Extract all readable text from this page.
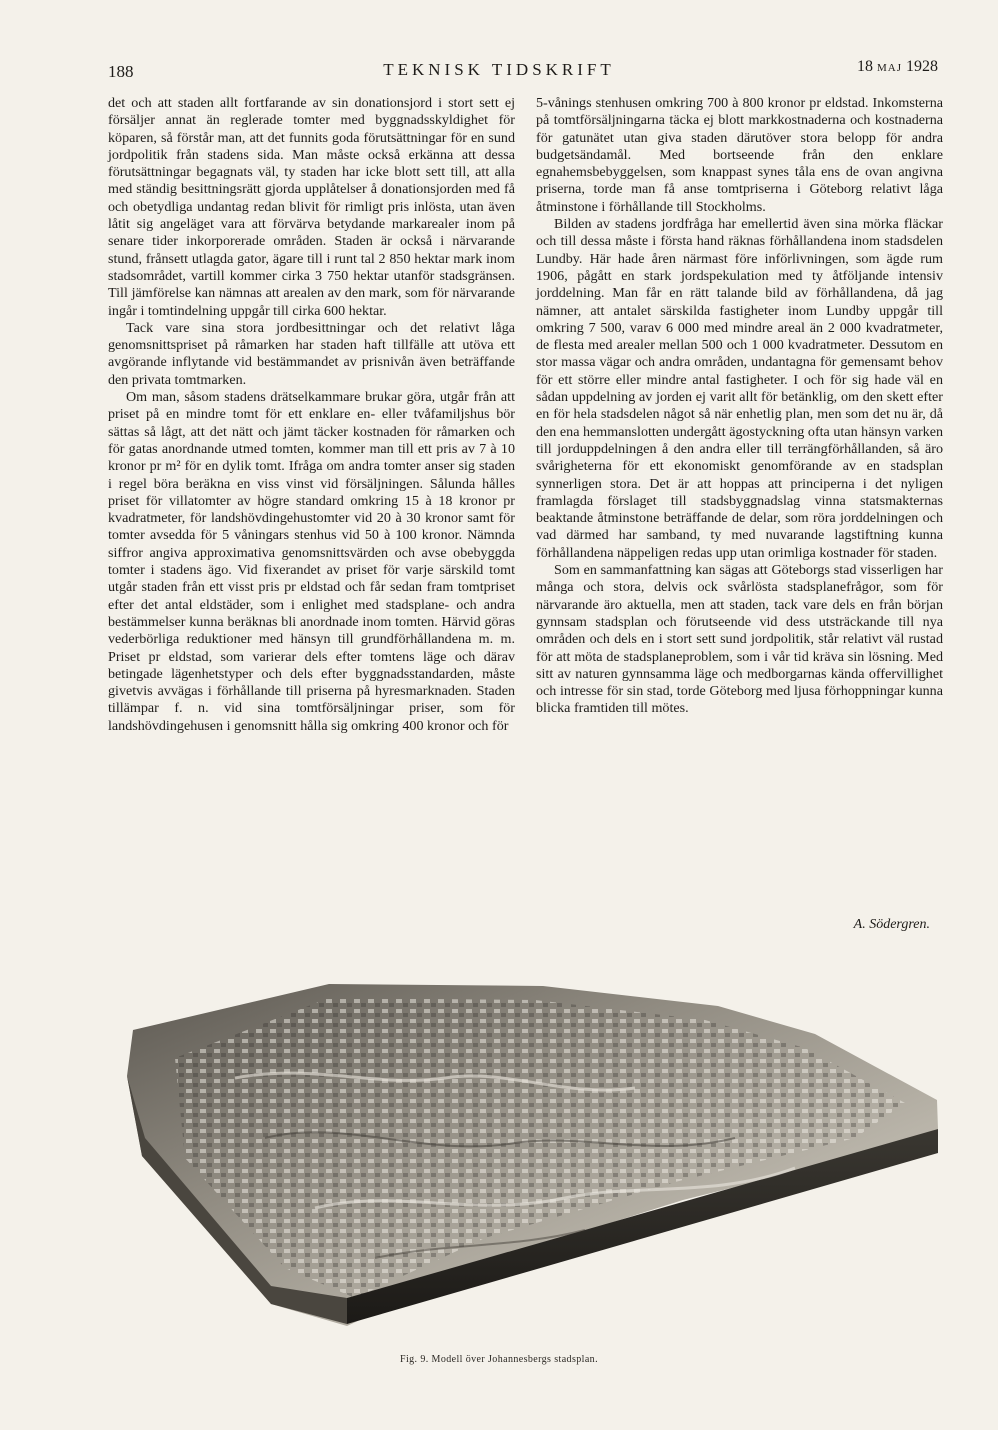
188	TEKNISK TIDSKRIFT	18 MAJ 1928

det och att staden allt fortfarande av sin donationsjord i stort sett ej försäljer annat än reglerade tomter med byggnadsskyldighet för köparen, så förstår man, att det funnits goda förutsättningar för en sund jordpolitik från stadens sida. Man måste också erkänna att dessa förutsättningar begagnats väl, ty staden har icke blott sett till, att alla med ständig besittningsrätt gjorda upplåtelser å donationsjorden med få och obetydliga undantag redan blivit för rimligt pris inlösta, utan även låtit sig angeläget vara att förvärva betydande markarealer inom på senare tider inkorporerade områden. Staden är också i närvarande stund, frånsett utlagda gator, ägare till i runt tal 2 850 hektar mark inom stadsområdet, vartill kommer cirka 3 750 hektar utanför stadsgränsen. Till jämförelse kan nämnas att arealen av den mark, som för närvarande ingår i tomtindelning uppgår till cirka 600 hektar.

Tack vare sina stora jordbesittningar och det relativt låga genomsnittspriset på råmarken har staden haft tillfälle att utöva ett avgörande inflytande vid bestämmandet av prisnivån även beträffande den privata tomtmarken.

Om man, såsom stadens drätselkammare brukar göra, utgår från att priset på en mindre tomt för ett enklare en- eller tvåfamiljshus bör sättas så lågt, att det nätt och jämt täcker kostnaden för råmarken och för gatas anordnande utmed tomten, kommer man till ett pris av 7 à 10 kronor pr m² för en dylik tomt. Ifråga om andra tomter anser sig staden i regel böra beräkna en viss vinst vid försäljningen. Sålunda hålles priset för villatomter av högre standard omkring 15 à 18 kronor pr kvadratmeter, för landshövdingehustomter vid 20 à 30 kronor samt för tomter avsedda för 5 våningars stenhus vid 50 à 100 kronor. Nämnda siffror angiva approximativa genomsnittsvärden och avse obebyggda tomter i stadens ägo. Vid fixerandet av priset för varje särskild tomt utgår staden från ett visst pris pr eldstad och får sedan fram tomtpriset efter det antal eldstäder, som i enlighet med stadsplane- och andra bestämmelser kunna beräknas bli anordnade inom tomten. Härvid göras vederbörliga reduktioner med hänsyn till grundförhållandena m. m. Priset pr eldstad, som varierar dels efter tomtens läge och därav betingade lägenhetstyper och dels efter byggnadsstandarden, måste givetvis avvägas i förhållande till priserna på hyresmarknaden. Staden tillämpar f. n. vid sina tomtförsäljningar priser, som för landshövdingehusen i genomsnitt hålla sig omkring 400 kronor och för

5-vånings stenhusen omkring 700 à 800 kronor pr eldstad. Inkomsterna på tomtförsäljningarna täcka ej blott markkostnaderna och kostnaderna för gatunätet utan giva staden därutöver stora belopp för andra budgetsändamål. Med bortseende från den enklare egnahemsbebyggelsen, som knappast synes tåla ens de ovan angivna priserna, torde man få anse tomtpriserna i Göteborg relativt låga åtminstone i förhållande till Stockholms.

Bilden av stadens jordfråga har emellertid även sina mörka fläckar och till dessa måste i första hand räknas förhållandena inom stadsdelen Lundby. Här hade åren närmast före införlivningen, som ägde rum 1906, pågått en stark jordspekulation med ty åtföljande intensiv jorddelning. Man får en rätt talande bild av förhållandena, då jag nämner, att antalet särskilda fastigheter inom Lundby uppgår till omkring 7 500, varav 6 000 med mindre areal än 2 000 kvadratmeter, de flesta med arealer mellan 500 och 1 000 kvadratmeter. Dessutom en stor massa vägar och andra områden, undantagna för gemensamt behov för ett större eller mindre antal fastigheter. I och för sig hade väl en sådan uppdelning av jorden ej varit allt för betänklig, om den skett efter en för hela stadsdelen något så när enhetlig plan, men som det nu är, då den ena hemmanslotten undergått ägostyckning ofta utan hänsyn varken till jorduppdelningen å den andra eller till terrängförhållanden, så äro svårigheterna för ett ekonomiskt genomförande av en stadsplan synnerligen stora. Det är att hoppas att principerna i det nyligen framlagda förslaget till stadsbyggnadslag vinna statsmakternas beaktande åtminstone beträffande de delar, som röra jorddelningen och vad därmed har samband, ty med nuvarande lagstiftning kunna förhållandena näppeligen redas upp utan orimliga kostnader för staden.

Som en sammanfattning kan sägas att Göteborgs stad visserligen har många och stora, delvis ock svårlösta stadsplanefrågor, som för närvarande äro aktuella, men att staden, tack vare dels en från början gynnsam stadsplan och förutseende vid dess utsträckande till nya områden och dels en i stort sett sund jordpolitik, står relativt väl rustad för att möta de stadsplaneproblem, som i vår tid kräva sin lösning. Med sitt av naturen gynnsamma läge och medborgarnas kända offervillighet och intresse för sin stad, torde Göteborg med ljusa förhoppningar kunna blicka framtiden till mötes.

A. Södergren.
Fig. 9. Modell över Johannesbergs stadsplan.
